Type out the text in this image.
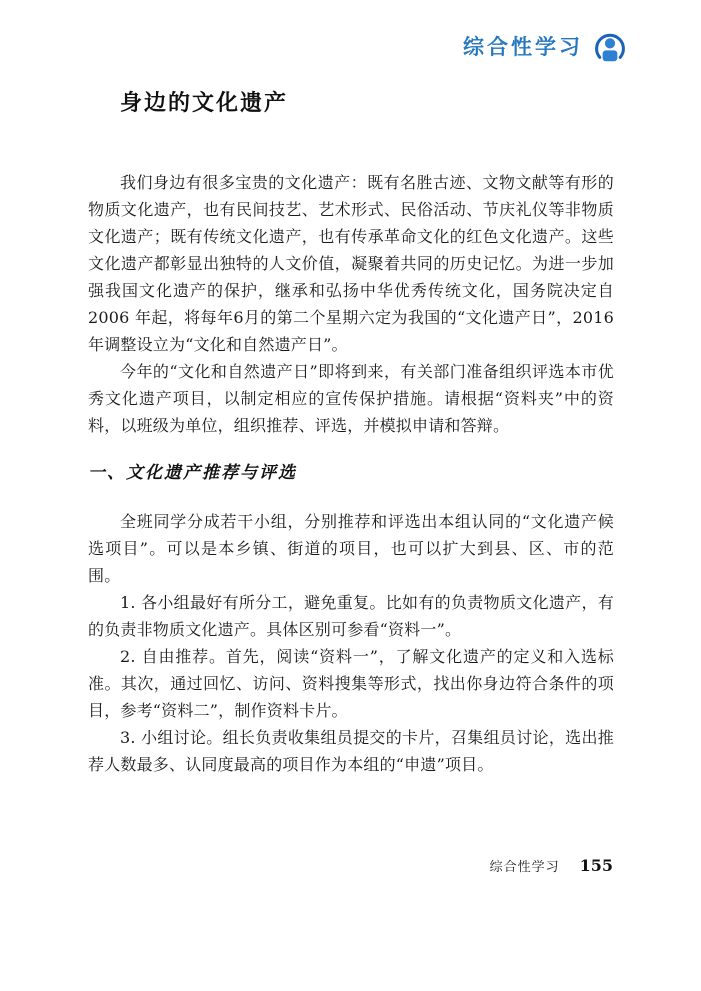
综合性学习
身边的文化遗产

我们身边有很多宝贵的文化遗产：既有名胜古迹、文物文献等有形的物质文化遗产，也有民间技艺、艺术形式、民俗活动、节庆礼仪等非物质文化遗产；既有传统文化遗产，也有传承革命文化的红色文化遗产。这些文化遗产都彰显出独特的人文价值，凝聚着共同的历史记忆。为进一步加强我国文化遗产的保护，继承和弘扬中华优秀传统文化，国务院决定自2006 年起，将每年6月的第二个星期六定为我国的“文化遗产日”，2016 年调整设立为“文化和自然遗产日”。

今年的“文化和自然遗产日”即将到来，有关部门准备组织评选本市优秀文化遗产项目，以制定相应的宣传保护措施。请根据“资料夹”中的资料，以班级为单位，组织推荐、评选，并模拟申请和答辩。

一、文化遗产推荐与评选

全班同学分成若干小组，分别推荐和评选出本组认同的“文化遗产候选项目”。可以是本乡镇、街道的项目，也可以扩大到县、区、市的范围。

1. 各小组最好有所分工，避免重复。比如有的负责物质文化遗产，有的负责非物质文化遗产。具体区别可参看“资料一”。

2. 自由推荐。首先，阅读“资料一”，了解文化遗产的定义和入选标准。其次，通过回忆、访问、资料搜集等形式，找出你身边符合条件的项目，参考“资料二”，制作资料卡片。

3. 小组讨论。组长负责收集组员提交的卡片，召集组员讨论，选出推荐人数最多、认同度最高的项目作为本组的“申遗”项目。

综合性学习 155
